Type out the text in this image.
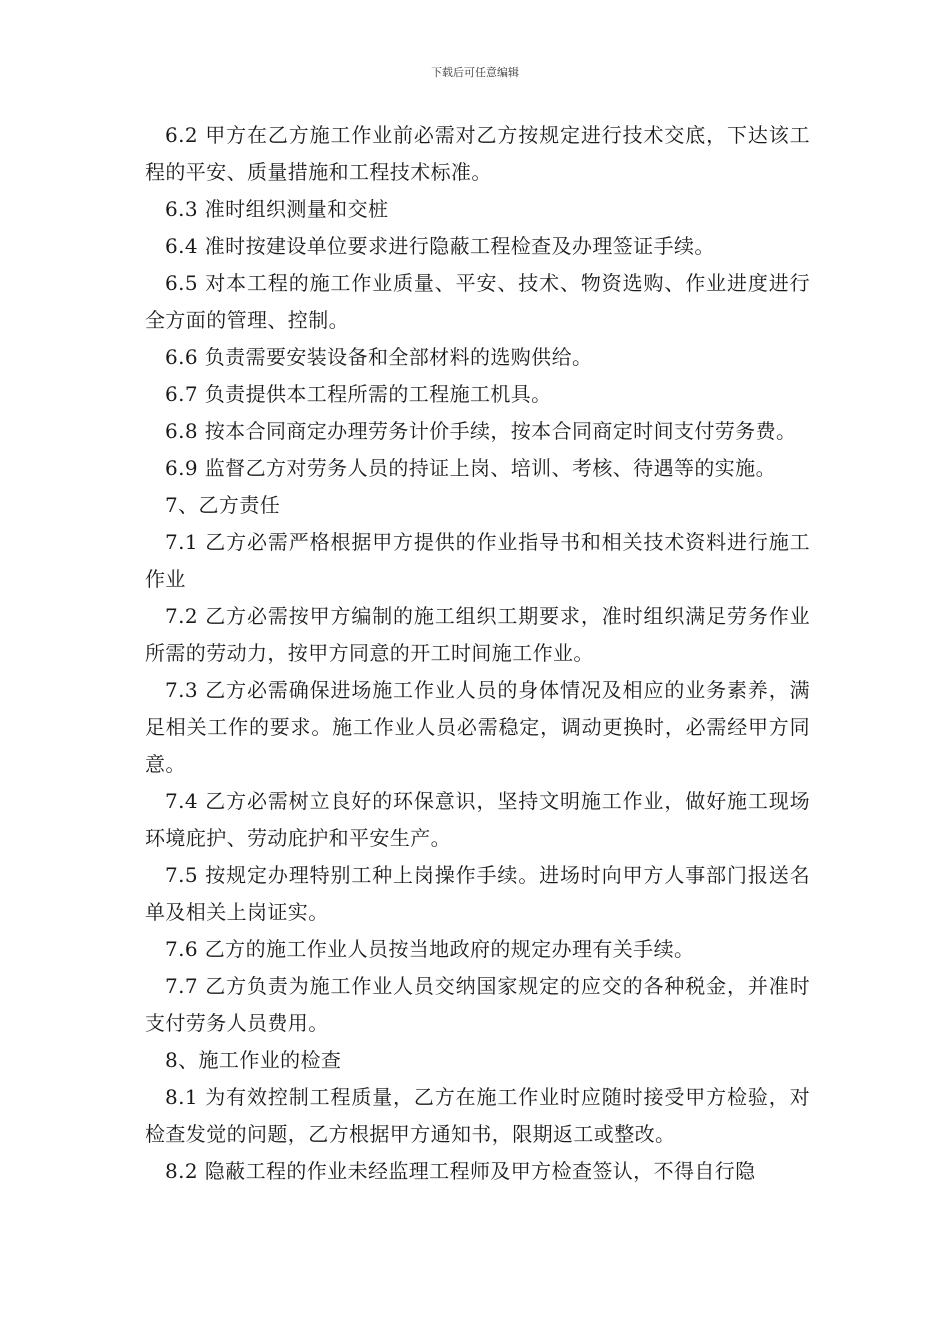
下载后可任意编辑

6.2 甲方在乙方施工作业前必需对乙方按规定进行技术交底，下达该工程的平安、质量措施和工程技术标准。

6.3 准时组织测量和交桩

6.4 准时按建设单位要求进行隐蔽工程检查及办理签证手续。

6.5 对本工程的施工作业质量、平安、技术、物资选购、作业进度进行全方面的管理、控制。

6.6 负责需要安装设备和全部材料的选购供给。

6.7 负责提供本工程所需的工程施工机具。

6.8 按本合同商定办理劳务计价手续，按本合同商定时间支付劳务费。

6.9 监督乙方对劳务人员的持证上岗、培训、考核、待遇等的实施。

7、乙方责任

7.1 乙方必需严格根据甲方提供的作业指导书和相关技术资料进行施工作业

7.2 乙方必需按甲方编制的施工组织工期要求，准时组织满足劳务作业所需的劳动力，按甲方同意的开工时间施工作业。

7.3 乙方必需确保进场施工作业人员的身体情况及相应的业务素养，满足相关工作的要求。施工作业人员必需稳定，调动更换时，必需经甲方同意。

7.4 乙方必需树立良好的环保意识，坚持文明施工作业，做好施工现场环境庇护、劳动庇护和平安生产。

7.5 按规定办理特别工种上岗操作手续。进场时向甲方人事部门报送名单及相关上岗证实。

7.6 乙方的施工作业人员按当地政府的规定办理有关手续。

7.7 乙方负责为施工作业人员交纳国家规定的应交的各种税金，并准时支付劳务人员费用。

8、施工作业的检查

8.1 为有效控制工程质量，乙方在施工作业时应随时接受甲方检验，对检查发觉的问题，乙方根据甲方通知书，限期返工或整改。

8.2 隐蔽工程的作业未经监理工程师及甲方检查签认，不得自行隐
